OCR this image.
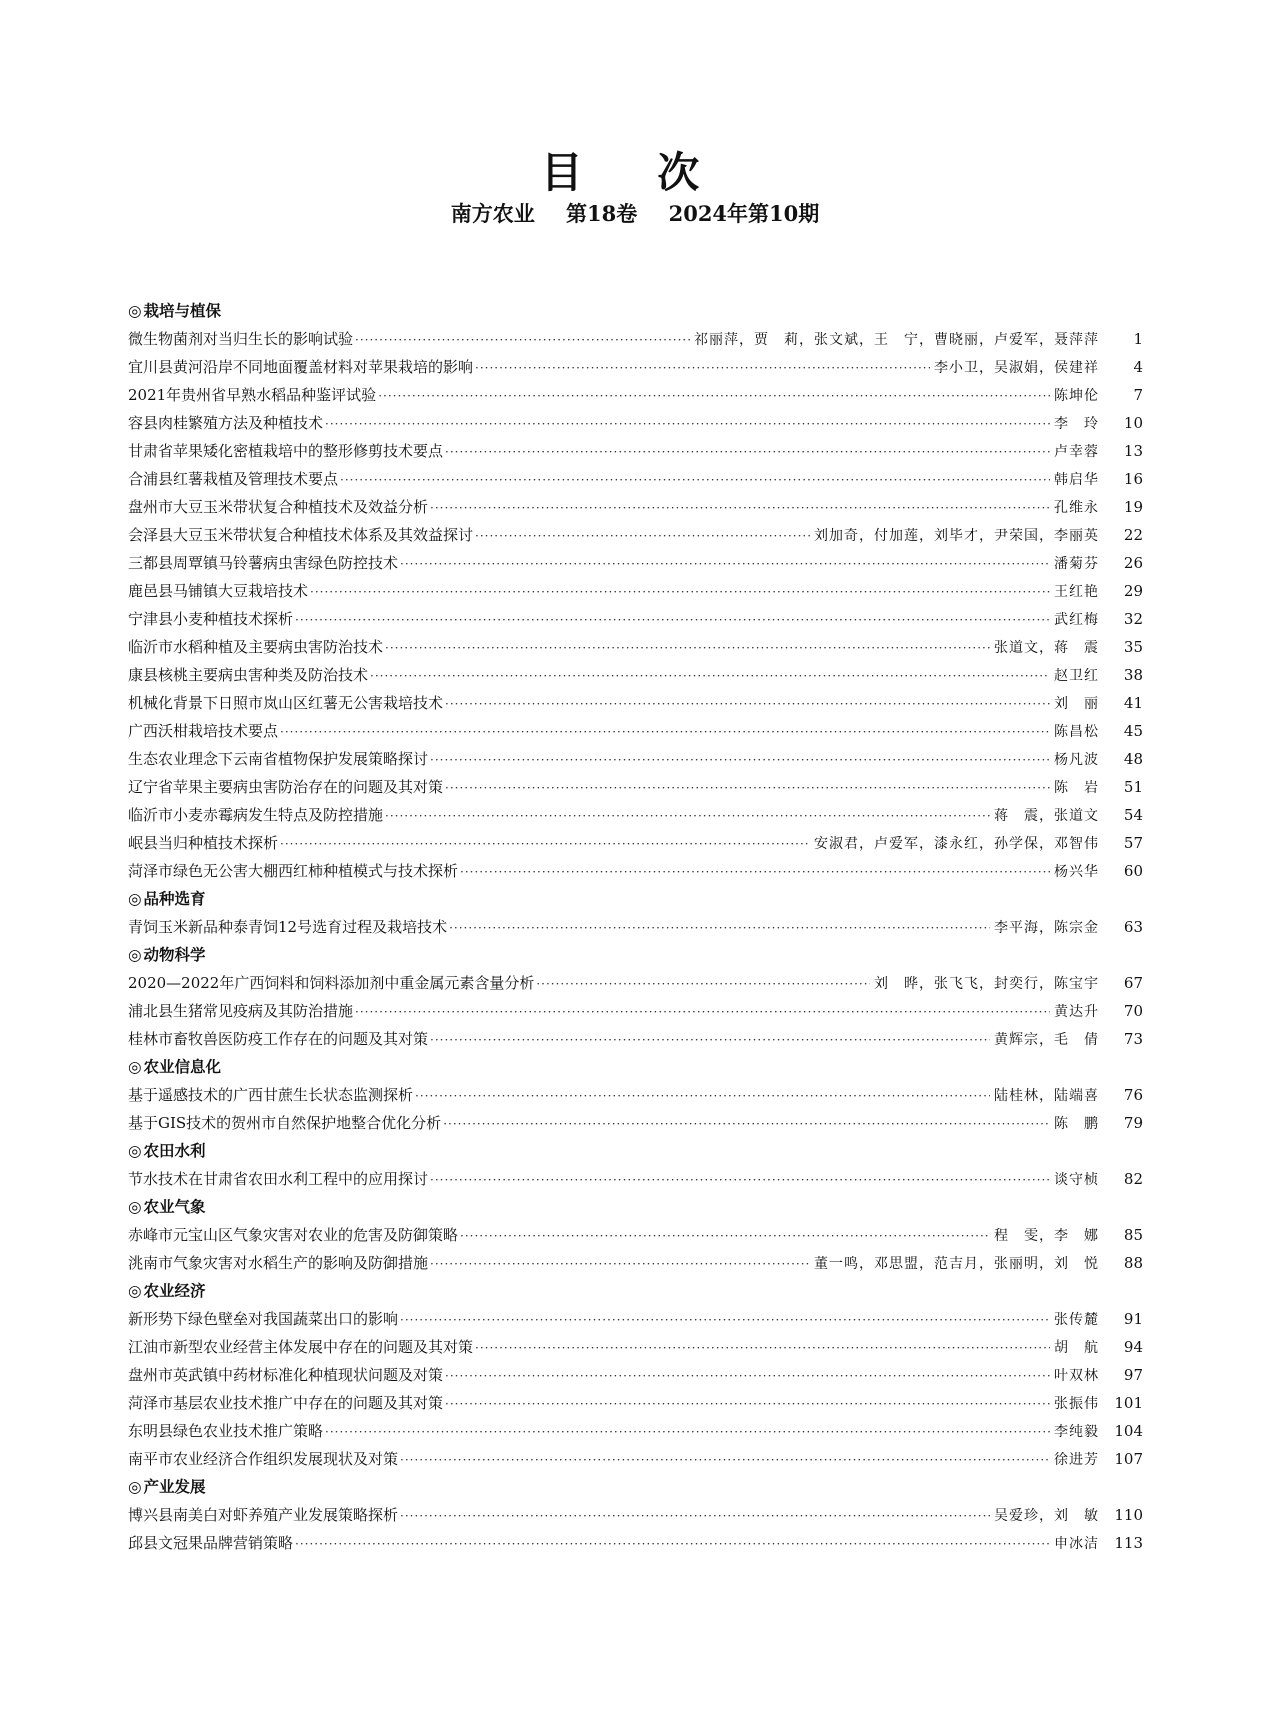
目 次
南方农业 第18卷 2024年第10期
◎ 栽培与植保
微生物菌剂对当归生长的影响试验 ·····	祁丽萍，贾　莉，张文斌，王　宁，曹晓丽，卢爱军，聂萍萍	1
宜川县黄河沿岸不同地面覆盖材料对苹果栽培的影响 ·····	李小卫，吴淑娟，侯建祥	4
2021年贵州省早熟水稻品种鉴评试验 ·····	陈坤伦	7
容县肉桂繁殖方法及种植技术 ·····	李　玲	10
甘肃省苹果矮化密植栽培中的整形修剪技术要点 ·····	卢幸蓉	13
合浦县红薯栽植及管理技术要点 ·····	韩启华	16
盘州市大豆玉米带状复合种植技术及效益分析 ·····	孔维永	19
会泽县大豆玉米带状复合种植技术体系及其效益探讨 ·····	刘加奇，付加莲，刘毕才，尹荣国，李丽英	22
三都县周覃镇马铃薯病虫害绿色防控技术 ·····	潘菊芬	26
鹿邑县马铺镇大豆栽培技术 ·····	王红艳	29
宁津县小麦种植技术探析 ·····	武红梅	32
临沂市水稻种植及主要病虫害防治技术 ·····	张道文，蒋　震	35
康县核桃主要病虫害种类及防治技术 ·····	赵卫红	38
机械化背景下日照市岚山区红薯无公害栽培技术 ·····	刘　丽	41
广西沃柑栽培技术要点 ·····	陈昌松	45
生态农业理念下云南省植物保护发展策略探讨 ·····	杨凡波	48
辽宁省苹果主要病虫害防治存在的问题及其对策 ·····	陈　岩	51
临沂市小麦赤霉病发生特点及防控措施 ·····	蒋　震，张道文	54
岷县当归种植技术探析 ·····	安淑君，卢爱军，漆永红，孙学保，邓智伟	57
菏泽市绿色无公害大棚西红柿种植模式与技术探析 ·····	杨兴华	60
◎ 品种选育
青饲玉米新品种泰青饲12号选育过程及栽培技术 ·····	李平海，陈宗金	63
◎ 动物科学
2020—2022年广西饲料和饲料添加剂中重金属元素含量分析 ·····	刘　晔，张飞飞，封奕行，陈宝宇	67
浦北县生猪常见疫病及其防治措施 ·····	黄达升	70
桂林市畜牧兽医防疫工作存在的问题及其对策 ·····	黄辉宗，毛　倩	73
◎ 农业信息化
基于遥感技术的广西甘蔗生长状态监测探析 ·····	陆桂林，陆端喜	76
基于GIS技术的贺州市自然保护地整合优化分析 ·····	陈　鹏	79
◎ 农田水利
节水技术在甘肃省农田水利工程中的应用探讨 ·····	谈守桢	82
◎ 农业气象
赤峰市元宝山区气象灾害对农业的危害及防御策略 ·····	程　雯，李　娜	85
洮南市气象灾害对水稻生产的影响及防御措施 ·····	董一鸣，邓思盟，范吉月，张丽明，刘　悦	88
◎ 农业经济
新形势下绿色壁垒对我国蔬菜出口的影响 ·····	张传麓	91
江油市新型农业经营主体发展中存在的问题及其对策 ·····	胡　航	94
盘州市英武镇中药材标准化种植现状问题及对策 ·····	叶双林	97
菏泽市基层农业技术推广中存在的问题及其对策 ·····	张振伟	101
东明县绿色农业技术推广策略 ·····	李纯毅	104
南平市农业经济合作组织发展现状及对策 ·····	徐进芳	107
◎ 产业发展
博兴县南美白对虾养殖产业发展策略探析 ·····	吴爱珍，刘　敏	110
邱县文冠果品牌营销策略 ·····	申冰洁	113
